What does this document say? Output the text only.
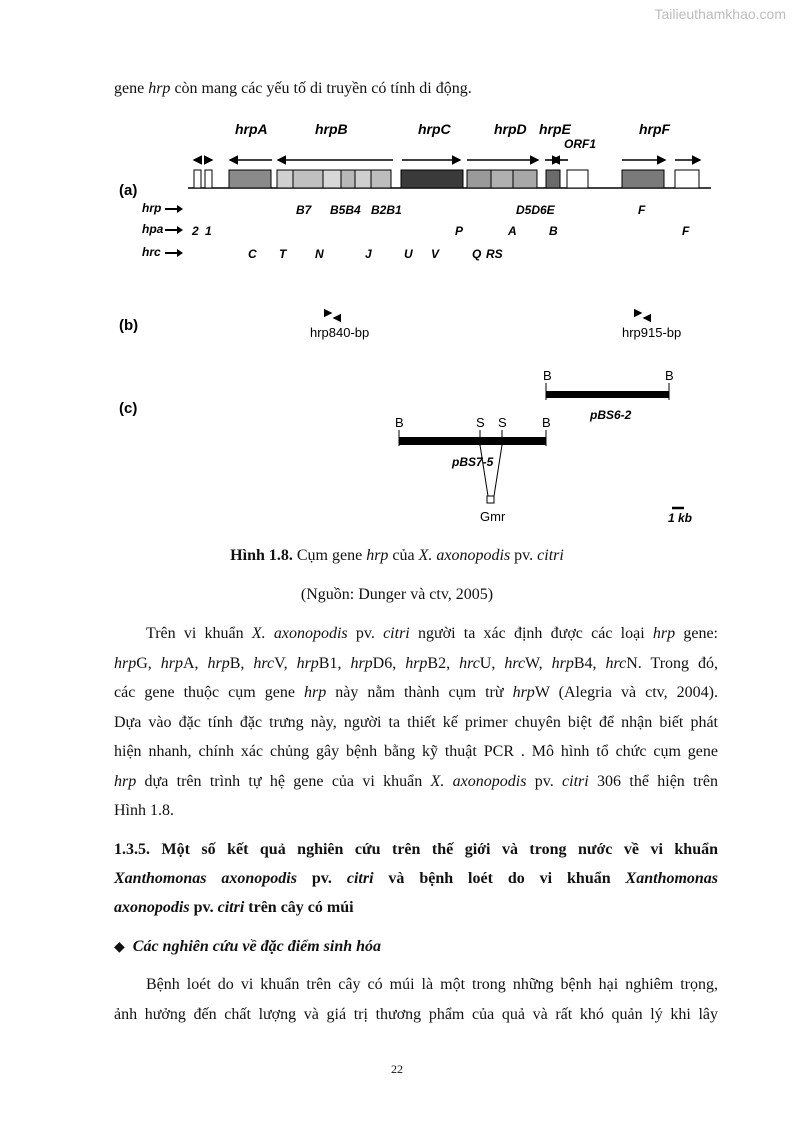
Tailieuthamkhao.com
gene hrp còn mang các yếu tố di truyền có tính di động.
(a)
(b)
(c)
hrpA	hrpB	hrpC	hrpD hrpE	hrpF
ORF1
hrp	B7 B5B4 B2B1	D5D6E	F
hpa 2 1	P	A	B	F
hrc	C T N	J	U V	Q RS
hrp840-bp	hrp915-bp
B	B
pBS6-2
B	S S	B
pBS7-5
Gmr	1 kb
Hình 1.8. Cụm gene hrp của X. axonopodis pv. citri
(Nguồn: Dunger và ctv, 2005)
Trên vi khuẩn X. axonopodis pv. citri người ta xác định được các loại hrp gene:
hrpG, hrpA, hrpB, hrcV, hrpB1, hrpD6, hrpB2, hrcU, hrcW, hrpB4, hrcN. Trong đó,
các gene thuộc cụm gene hrp này nằm thành cụm trừ hrpW (Alegria và ctv, 2004).
Dựa vào đặc tính đặc trưng này, người ta thiết kế primer chuyên biệt để nhận biết phát
hiện nhanh, chính xác chủng gây bệnh bằng kỹ thuật PCR . Mô hình tổ chức cụm gene
hrp dựa trên trình tự hệ gene của vi khuẩn X. axonopodis pv. citri 306 thể hiện trên
Hình 1.8.
1.3.5. Một số kết quả nghiên cứu trên thế giới và trong nước về vi khuẩn
Xanthomonas axonopodis pv. citri và bệnh loét do vi khuẩn Xanthomonas
axonopodis pv. citri trên cây có múi
◆ Các nghiên cứu về đặc điểm sinh hóa
Bệnh loét do vi khuẩn trên cây có múi là một trong những bệnh hại nghiêm trọng,
ảnh hưởng đến chất lượng và giá trị thương phẩm của quả và rất khó quản lý khi lây
22
